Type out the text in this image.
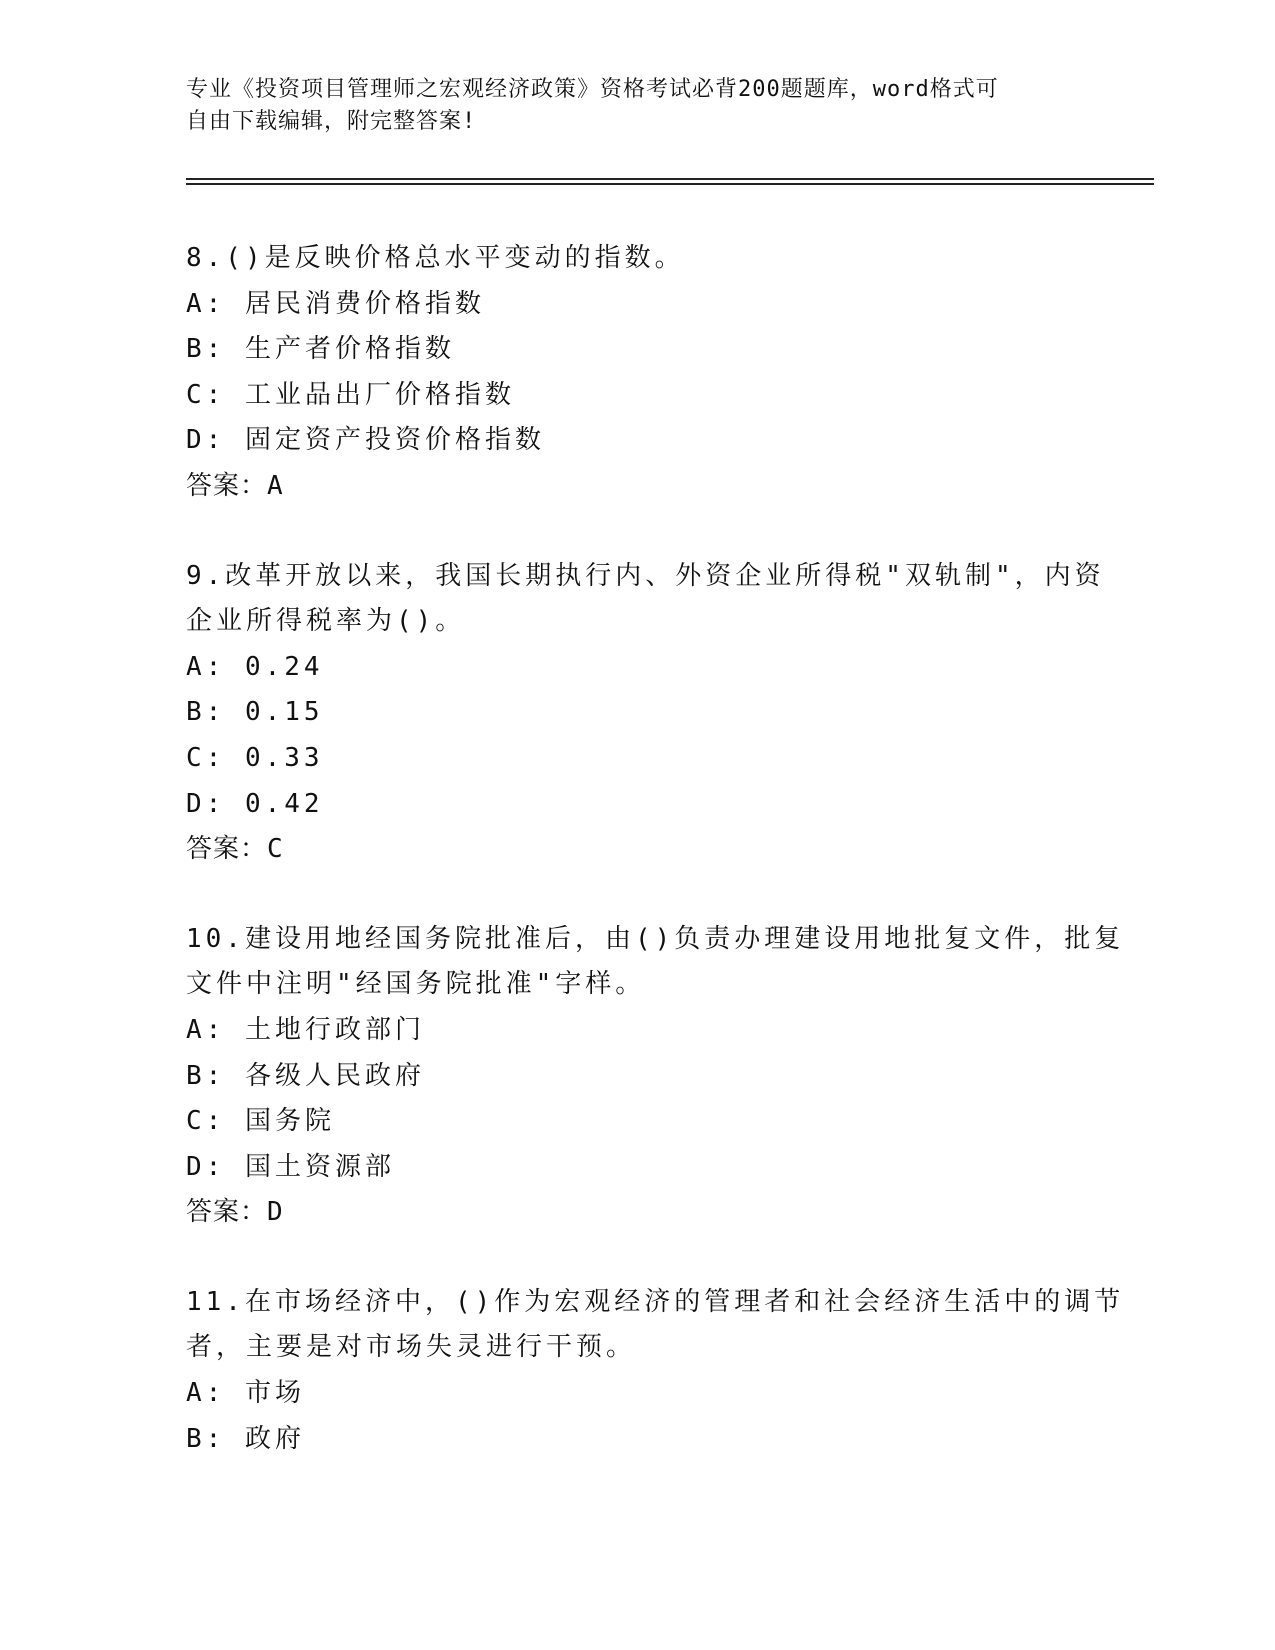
专业《投资项目管理师之宏观经济政策》资格考试必背200题题库，word格式可
自由下载编辑，附完整答案!
8.()是反映价格总水平变动的指数。
A: 居民消费价格指数
B: 生产者价格指数
C: 工业品出厂价格指数
D: 固定资产投资价格指数
答案：A
9.改革开放以来，我国长期执行内、外资企业所得税"双轨制"，内资
企业所得税率为()。
A: 0.24
B: 0.15
C: 0.33
D: 0.42
答案：C
10.建设用地经国务院批准后，由()负责办理建设用地批复文件，批复
文件中注明"经国务院批准"字样。
A: 土地行政部门
B: 各级人民政府
C: 国务院
D: 国土资源部
答案：D
11.在市场经济中，()作为宏观经济的管理者和社会经济生活中的调节
者，主要是对市场失灵进行干预。
A: 市场
B: 政府
